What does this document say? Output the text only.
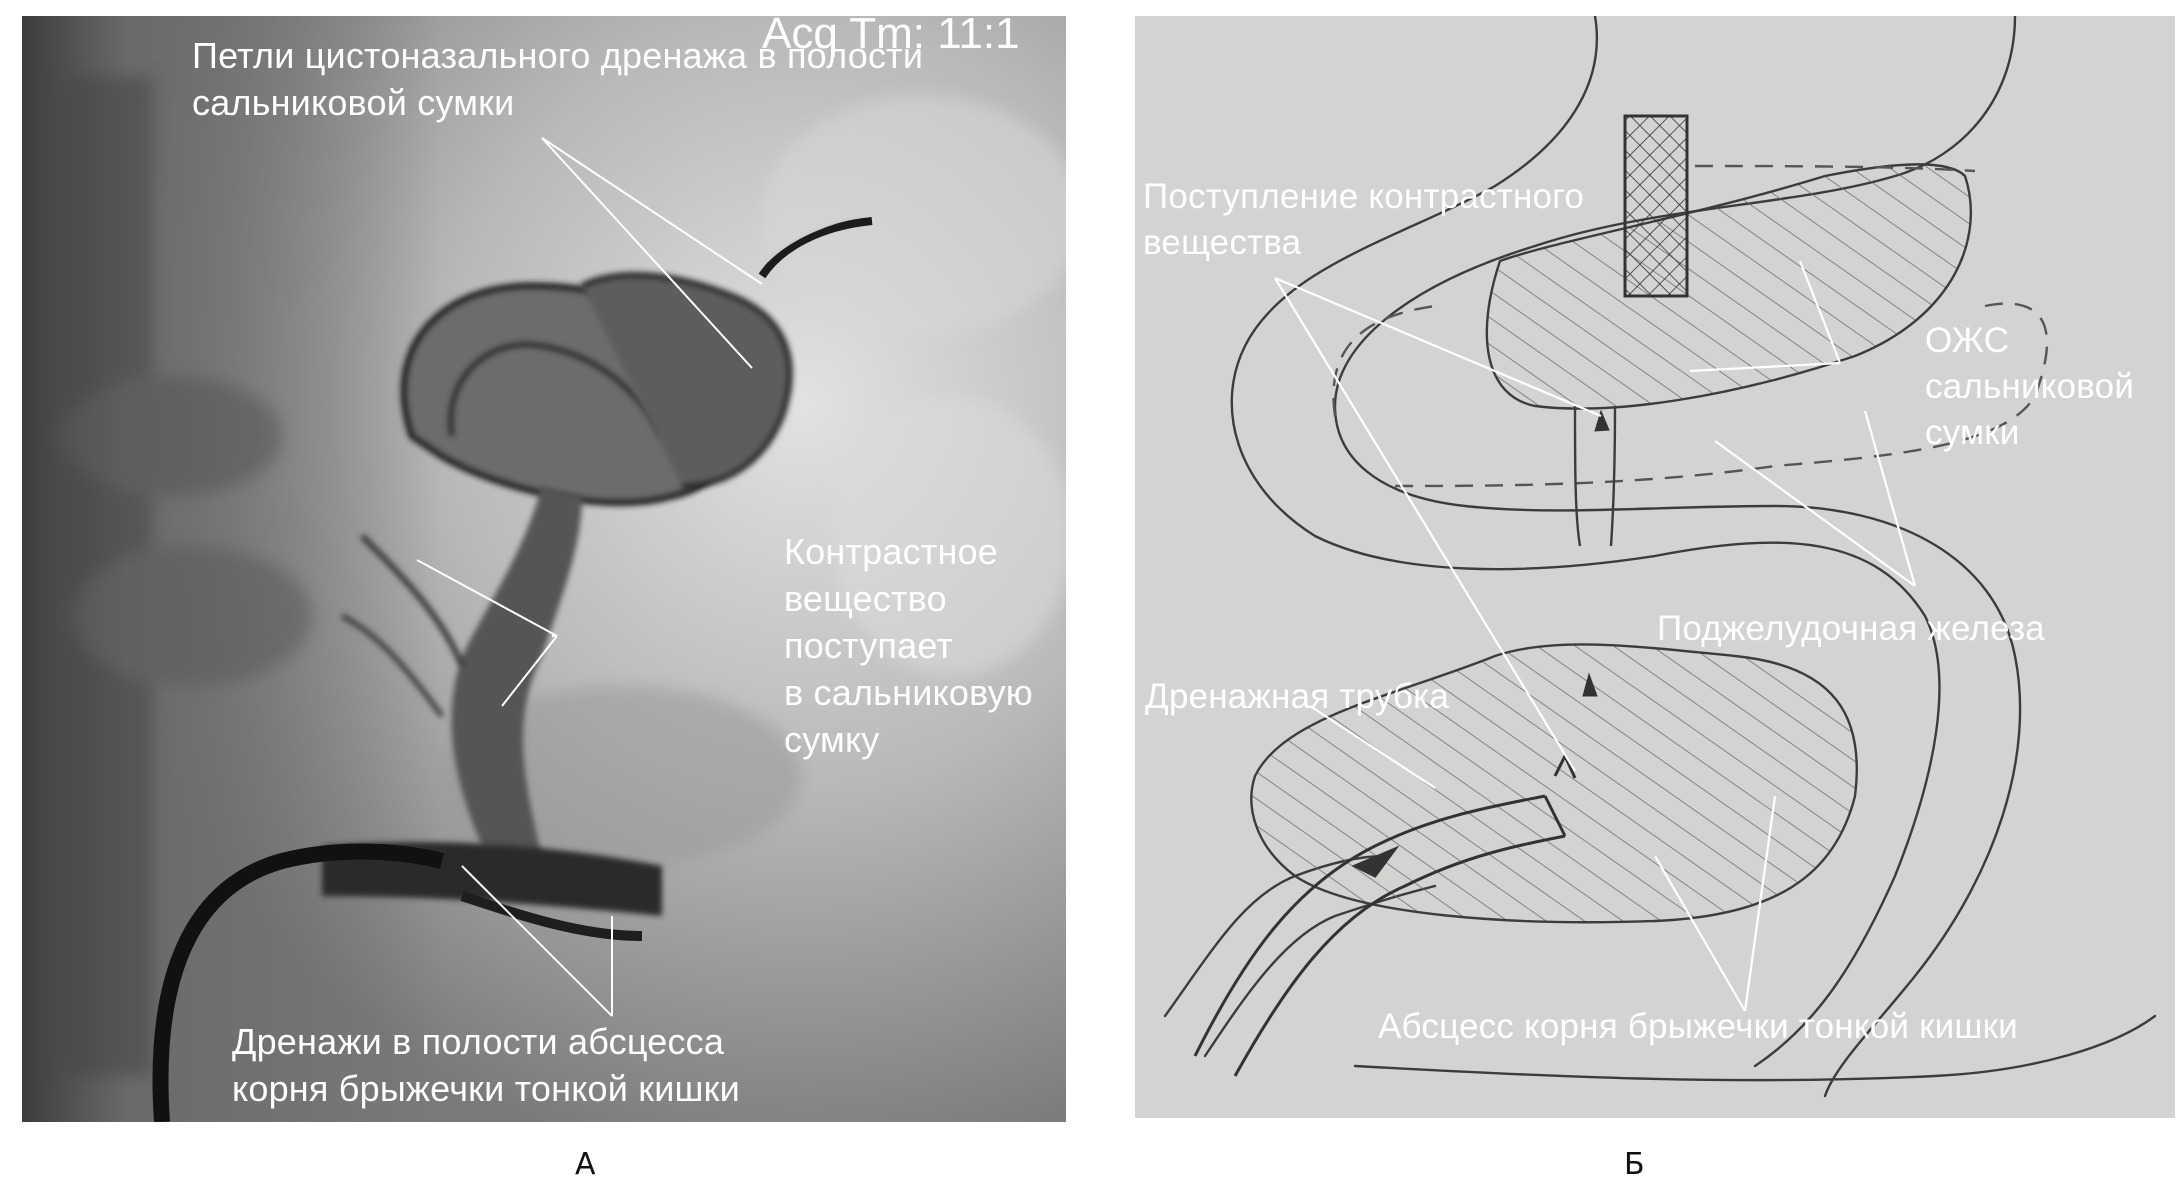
Acq Tm: 11:1
Петли цистоназального дренажа в полости
сальниковой сумки
Контрастное
вещество
поступает
в сальниковую
сумку
Дренажи в полости абсцесса
корня брыжечки тонкой кишки
А
Поступление контрастного
вещества
ОЖС
сальниковой
сумки
Поджелудочная железа
Дренажная трубка
Абсцесс корня брыжечки тонкой кишки
Б
